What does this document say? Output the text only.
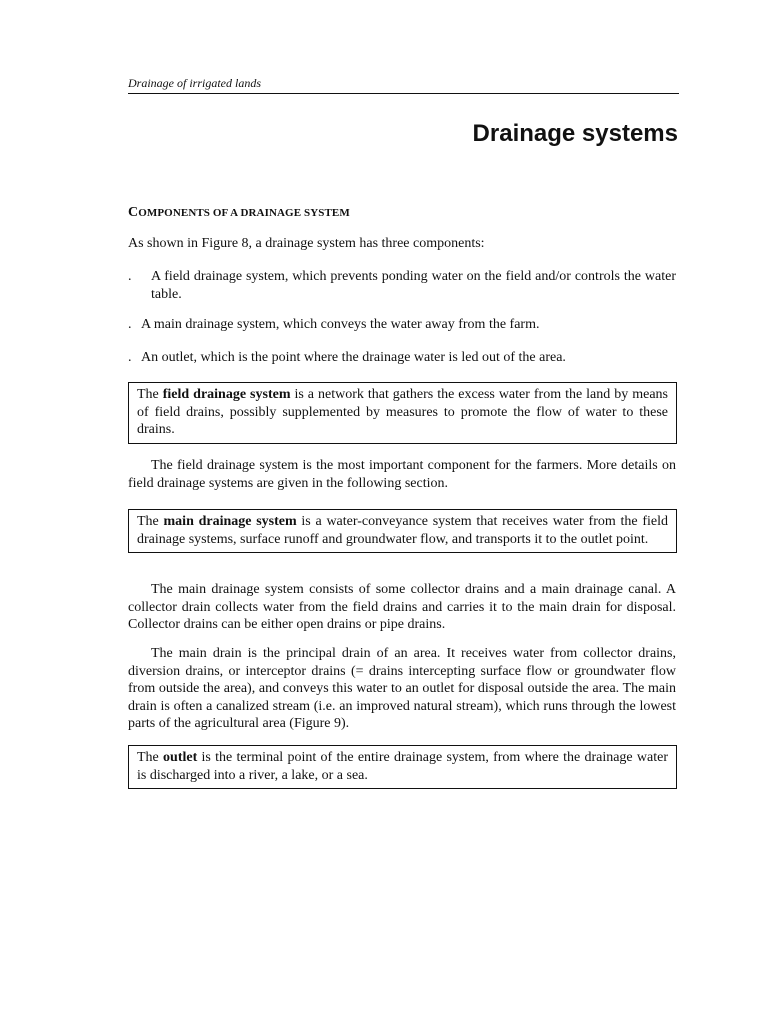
Drainage of irrigated lands
Drainage systems
COMPONENTS OF A DRAINAGE SYSTEM

As shown in Figure 8, a drainage system has three components:

.	A field drainage system, which prevents ponding water on the field and/or controls the water table.
. A main drainage system, which conveys the water away from the farm.
. An outlet, which is the point where the drainage water is led out of the area.
The field drainage system is a network that gathers the excess water from the land by means of field drains, possibly supplemented by measures to promote the flow of water to these drains.

The field drainage system is the most important component for the farmers. More details on field drainage systems are given in the following section.

The main drainage system is a water-conveyance system that receives water from the field drainage systems, surface runoff and groundwater flow, and transports it to the outlet point.

The main drainage system consists of some collector drains and a main drainage canal. A collector drain collects water from the field drains and carries it to the main drain for disposal. Collector drains can be either open drains or pipe drains.

The main drain is the principal drain of an area. It receives water from collector drains, diversion drains, or interceptor drains (= drains intercepting surface flow or groundwater flow from outside the area), and conveys this water to an outlet for disposal outside the area. The main drain is often a canalized stream (i.e. an improved natural stream), which runs through the lowest parts of the agricultural area (Figure 9).

The outlet is the terminal point of the entire drainage system, from where the drainage water is discharged into a river, a lake, or a sea.
